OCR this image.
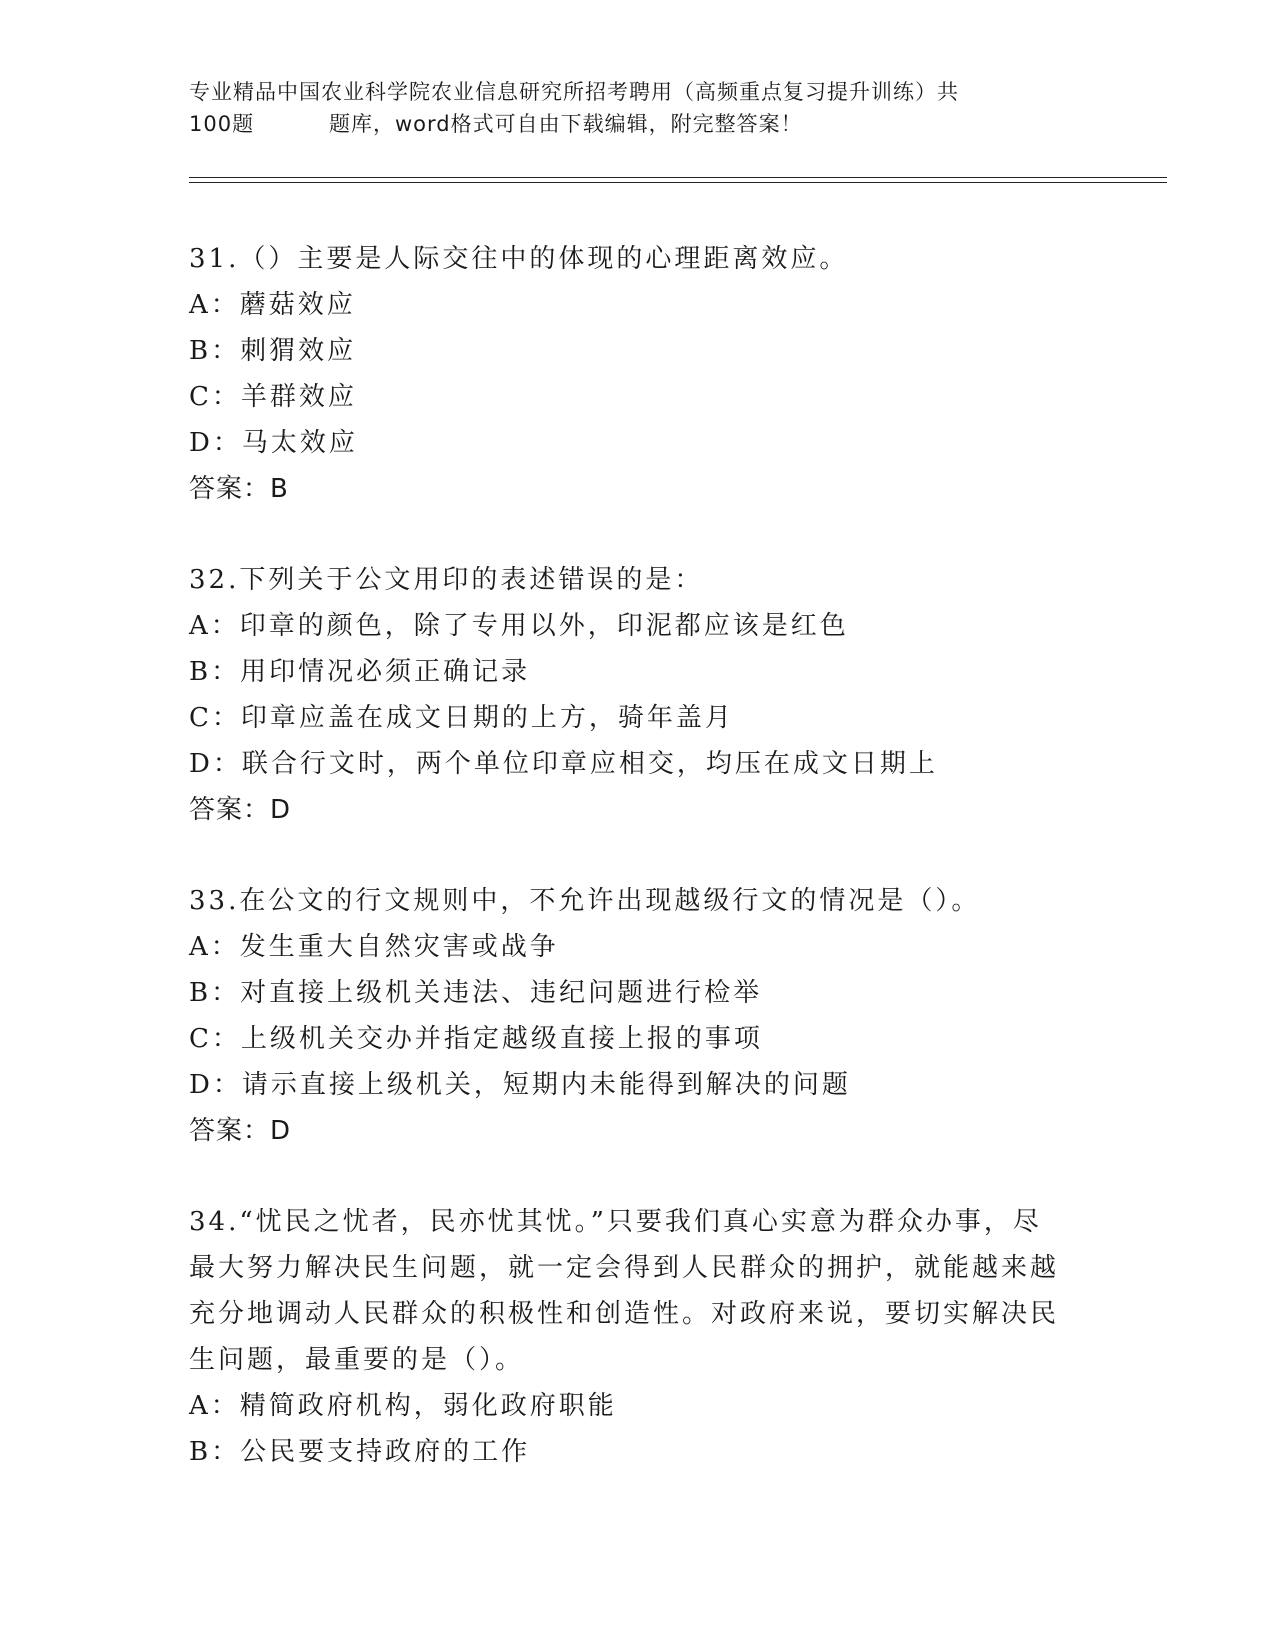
专业精品中国农业科学院农业信息研究所招考聘用（高频重点复习提升训练）共
100题	题库，word格式可自由下载编辑，附完整答案！

31.（）主要是人际交往中的体现的心理距离效应。

A：蘑菇效应

B：刺猬效应

C：羊群效应

D：马太效应

答案：B

32.下列关于公文用印的表述错误的是：

A：印章的颜色，除了专用以外，印泥都应该是红色

B：用印情况必须正确记录

C：印章应盖在成文日期的上方，骑年盖月

D：联合行文时，两个单位印章应相交，均压在成文日期上

答案：D

33.在公文的行文规则中，不允许出现越级行文的情况是（）。

A：发生重大自然灾害或战争

B：对直接上级机关违法、违纪问题进行检举

C：上级机关交办并指定越级直接上报的事项

D：请示直接上级机关，短期内未能得到解决的问题

答案：D

34.“忧民之忧者，民亦忧其忧。”只要我们真心实意为群众办事，尽

最大努力解决民生问题，就一定会得到人民群众的拥护，就能越来越

充分地调动人民群众的积极性和创造性。对政府来说，要切实解决民

生问题，最重要的是（）。

A：精简政府机构，弱化政府职能

B：公民要支持政府的工作
